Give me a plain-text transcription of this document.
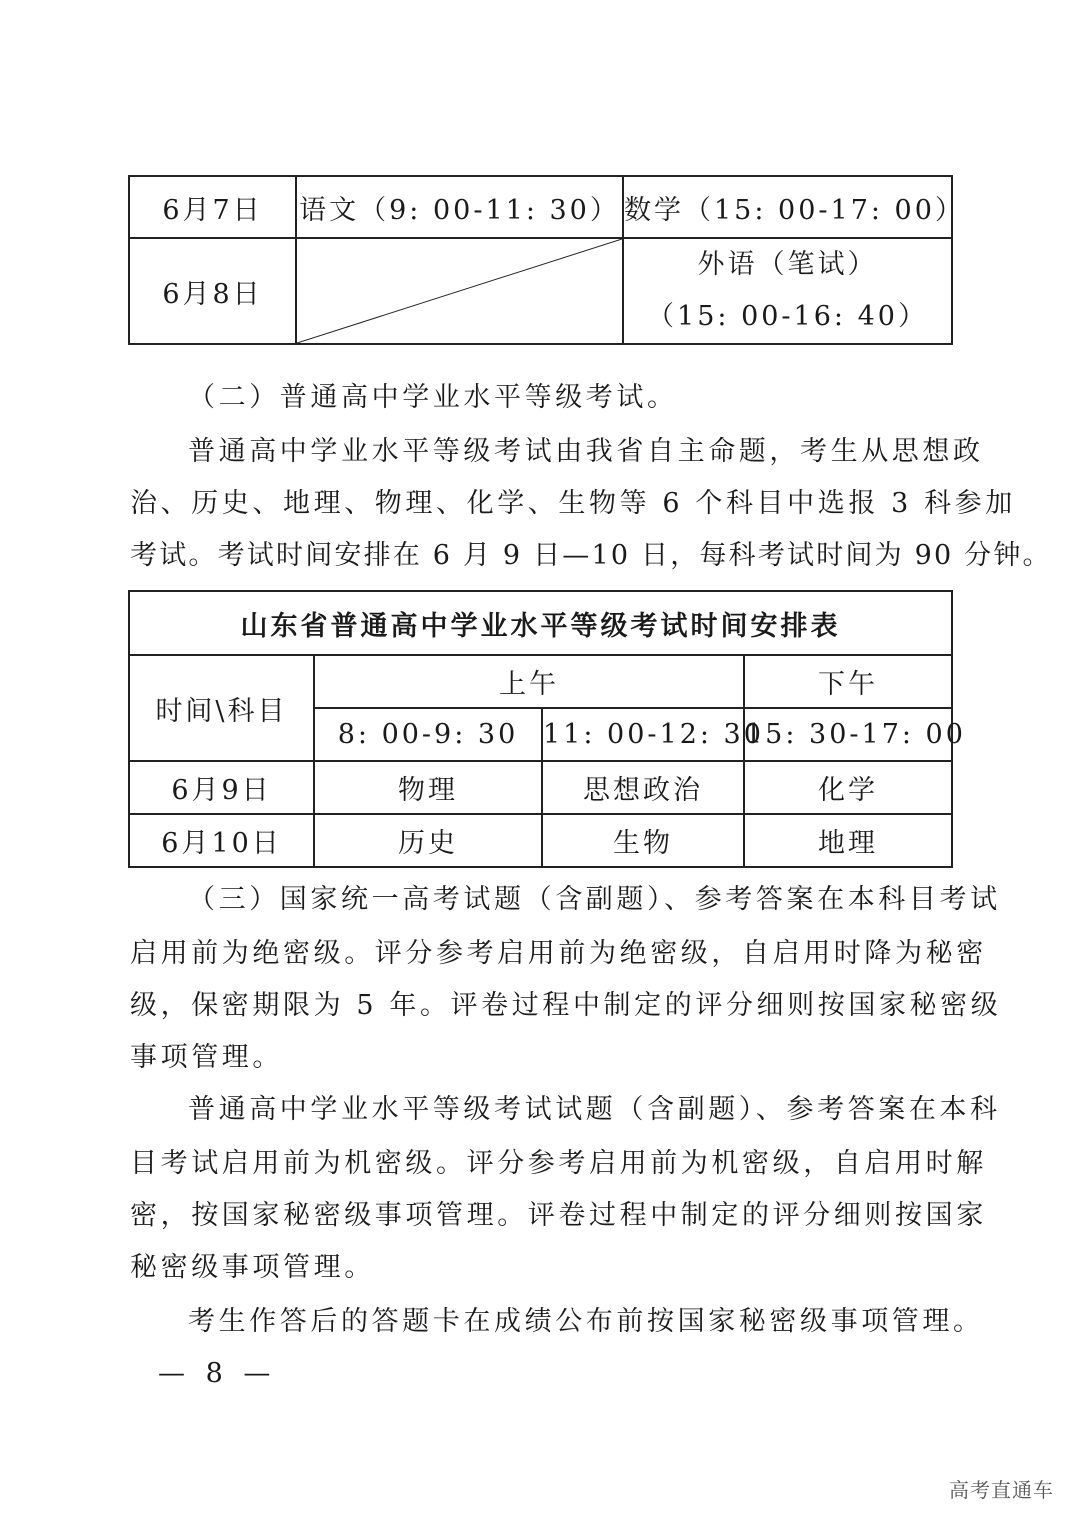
6月7日	语文（9: 00-11: 30）	数学（15: 00-17: 00）
6月8日		外语（笔试）
（15: 00-16: 40）
（二）普通高中学业水平等级考试。
普通高中学业水平等级考试由我省自主命题，考生从思想政
治、历史、地理、物理、化学、生物等 6 个科目中选报 3 科参加
考试。考试时间安排在 6 月 9 日—10 日，每科考试时间为 90 分钟。
山东省普通高中学业水平等级考试时间安排表			
时间\科目	上午		下午
	8: 00-9: 30	11: 00-12: 30	15: 30-17: 00
6月9日	物理	思想政治	化学
6月10日	历史	生物	地理
（三）国家统一高考试题（含副题）、参考答案在本科目考试
启用前为绝密级。评分参考启用前为绝密级，自启用时降为秘密
级，保密期限为 5 年。评卷过程中制定的评分细则按国家秘密级
事项管理。
普通高中学业水平等级考试试题（含副题）、参考答案在本科
目考试启用前为机密级。评分参考启用前为机密级，自启用时解
密，按国家秘密级事项管理。评卷过程中制定的评分细则按国家
秘密级事项管理。
考生作答后的答题卡在成绩公布前按国家秘密级事项管理。
— 8 —
高考直通车
